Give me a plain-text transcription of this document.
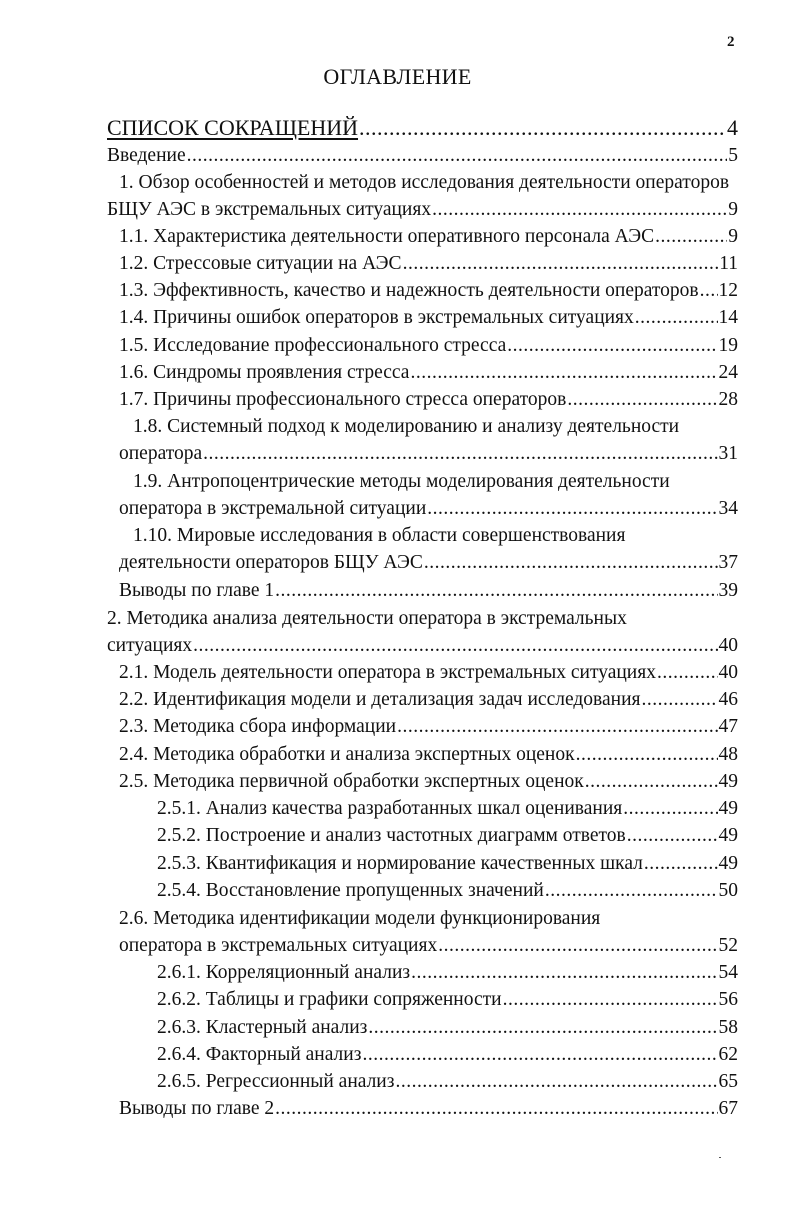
2
ОГЛАВЛЕНИЕ
СПИСОК СОКРАЩЕНИЙ .....	4
Введение .....	5
1. Обзор особенностей и методов исследования деятельности операторов
БЩУ АЭС в экстремальных ситуациях .....	9
1.1. Характеристика деятельности оперативного персонала АЭС .....	9
1.2. Стрессовые ситуации на АЭС .....	11
1.3. Эффективность, качество и надежность деятельности операторов ..... 12
1.4. Причины ошибок операторов в экстремальных ситуациях .....	14
1.5. Исследование профессионального стресса .....	19
1.6. Синдромы проявления стресса .....	24
1.7. Причины профессионального стресса операторов .....	28
1.8. Системный подход к моделированию и анализу деятельности
оператора .....	31
1.9. Антропоцентрические методы моделирования деятельности
оператора в экстремальной ситуации .....	34
1.10. Мировые исследования в области совершенствования
деятельности операторов БЩУ АЭС .....	37
Выводы по главе 1 .....	39
2. Методика анализа деятельности оператора в экстремальных
ситуациях .....	40
2.1. Модель деятельности оператора в экстремальных ситуациях .....	40
2.2. Идентификация модели и детализация задач исследования .....	46
2.3. Методика сбора информации .....	47
2.4. Методика обработки и анализа экспертных оценок .....	48
2.5. Методика первичной обработки экспертных оценок .....	49
2.5.1. Анализ качества разработанных шкал оценивания .....	49
2.5.2. Построение и анализ частотных диаграмм ответов .....	49
2.5.3. Квантификация и нормирование качественных шкал .....	49
2.5.4. Восстановление пропущенных значений .....	50
2.6. Методика идентификации модели функционирования
оператора в экстремальных ситуациях .....	52
2.6.1. Корреляционный анализ .....	54
2.6.2. Таблицы и графики сопряженности .....	56
2.6.3. Кластерный анализ .....	58
2.6.4. Факторный анализ .....	62
2.6.5. Регрессионный анализ .....	65
Выводы по главе 2 .....	67
